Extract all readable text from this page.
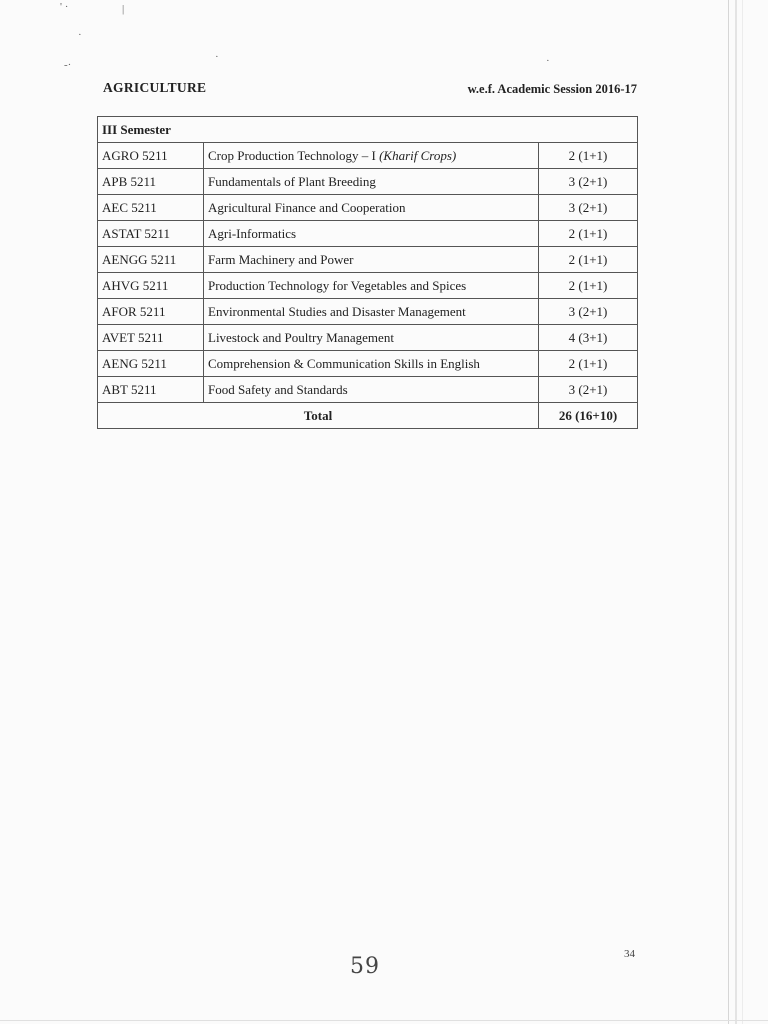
' ·	|
·
-·
·	·
AGRICULTURE	w.e.f. Academic Session 2016-17
III Semester		
AGRO 5211	Crop Production Technology – I (Kharif Crops)	2 (1+1)
APB 5211	Fundamentals of Plant Breeding	3 (2+1)
AEC 5211	Agricultural Finance and Cooperation	3 (2+1)
ASTAT 5211	Agri-Informatics	2 (1+1)
AENGG 5211	Farm Machinery and Power	2 (1+1)
AHVG 5211	Production Technology for Vegetables and Spices	2 (1+1)
AFOR 5211	Environmental Studies and Disaster Management	3 (2+1)
AVET 5211	Livestock and Poultry Management	4 (3+1)
AENG 5211	Comprehension & Communication Skills in English	2 (1+1)
ABT 5211	Food Safety and Standards	3 (2+1)
Total		26 (16+10)
59	34
